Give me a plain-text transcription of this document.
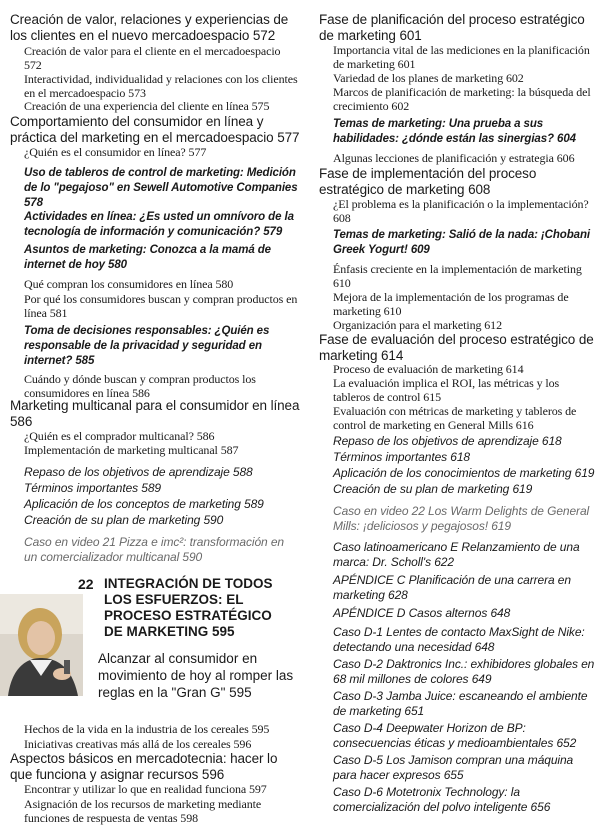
Creación de valor, relaciones y experiencias de los clientes en el nuevo mercadoespacio 572
Creación de valor para el cliente en el mercadoespacio 572
Interactividad, individualidad y relaciones con los clientes en el mercadoespacio 573
Creación de una experiencia del cliente en línea 575
Comportamiento del consumidor en línea y práctica del marketing en el mercadoespacio 577
¿Quién es el consumidor en línea? 577
Uso de tableros de control de marketing: Medición de lo "pegajoso" en Sewell Automotive Companies 578
Actividades en línea: ¿Es usted un omnívoro de la tecnología de información y comunicación? 579
Asuntos de marketing: Conozca a la mamá de internet de hoy 580
Qué compran los consumidores en línea 580
Por qué los consumidores buscan y compran productos en línea 581
Toma de decisiones responsables: ¿Quién es responsable de la privacidad y seguridad en internet? 585
Cuándo y dónde buscan y compran productos los consumidores en línea 586
Marketing multicanal para el consumidor en línea 586
¿Quién es el comprador multicanal? 586
Implementación de marketing multicanal 587
Repaso de los objetivos de aprendizaje 588
Términos importantes 589
Aplicación de los conceptos de marketing 589
Creación de su plan de marketing 590
Caso en video 21 Pizza e imc²: transformación en un comercializador multicanal 590
Hechos de la vida en la industria de los cereales 595
Iniciativas creativas más allá de los cereales 596
Aspectos básicos en mercadotecnia: hacer lo que funciona y asignar recursos 596
Encontrar y utilizar lo que en realidad funciona 597
Asignación de los recursos de marketing mediante funciones de respuesta de ventas 598
Fase de planificación del proceso estratégico de marketing 601
Importancia vital de las mediciones en la planificación de marketing 601
Variedad de los planes de marketing 602
Marcos de planificación de marketing: la búsqueda del crecimiento 602
Temas de marketing: Una prueba a sus habilidades: ¿dónde están las sinergias? 604
Algunas lecciones de planificación y estrategia 606
Fase de implementación del proceso estratégico de marketing 608
¿El problema es la planificación o la implementación? 608
Temas de marketing: Salió de la nada: ¡Chobani Greek Yogurt! 609
Énfasis creciente en la implementación de marketing 610
Mejora de la implementación de los programas de marketing 610
Organización para el marketing 612
Fase de evaluación del proceso estratégico de marketing 614
Proceso de evaluación de marketing 614
La evaluación implica el ROI, las métricas y los tableros de control 615
Evaluación con métricas de marketing y tableros de control de marketing en General Mills 616
Repaso de los objetivos de aprendizaje 618
Términos importantes 618
Aplicación de los conocimientos de marketing 619
Creación de su plan de marketing 619
Caso en video 22 Los Warm Delights de General Mills: ¡deliciosos y pegajosos! 619
Caso latinoamericano E Relanzamiento de una marca: Dr. Scholl's 622
APÉNDICE C Planificación de una carrera en marketing 628
APÉNDICE D Casos alternos 648
Caso D-1 Lentes de contacto MaxSight de Nike: detectando una necesidad 648
Caso D-2 Daktronics Inc.: exhibidores globales en 68 mil millones de colores 649
Caso D-3 Jamba Juice: escaneando el ambiente de marketing 651
Caso D-4 Deepwater Horizon de BP: consecuencias éticas y medioambientales 652
Caso D-5 Los Jamison compran una máquina para hacer expresos 655
Caso D-6 Motetronix Technology: la comercialización del polvo inteligente 656
22 INTEGRACIÓN DE TODOS LOS ESFUERZOS: EL PROCESO ESTRATÉGICO DE MARKETING 595
Alcanzar al consumidor en movimiento de hoy al romper las reglas en la "Gran G" 595
